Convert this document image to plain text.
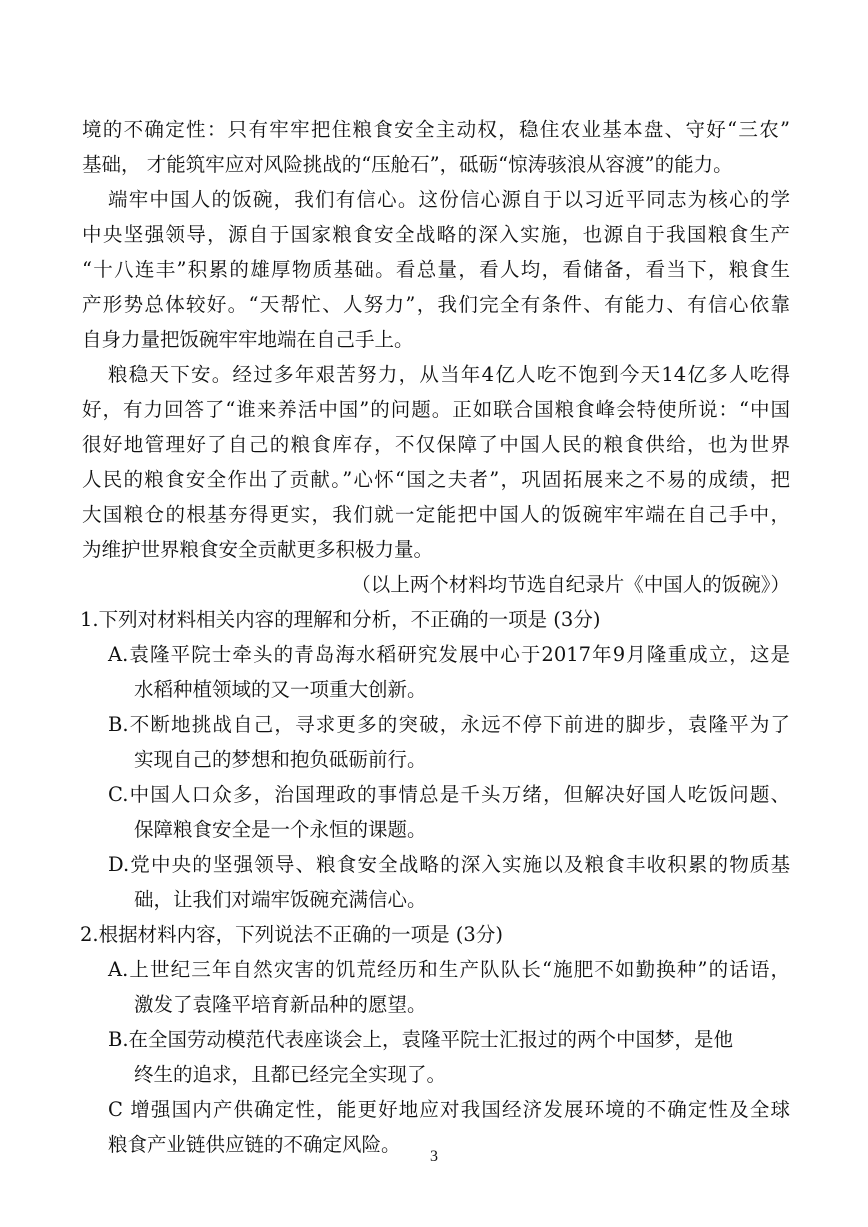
境的不确定性：只有牢牢把住粮食安全主动权，稳住农业基本盘、守好“三农”
基础， 才能筑牢应对风险挑战的“压舱石”，砥砺“惊涛骇浪从容渡”的能力。
端牢中国人的饭碗，我们有信心。这份信心源自于以习近平同志为核心的学
中央坚强领导，源自于国家粮食安全战略的深入实施，也源自于我国粮食生产
“十八连丰”积累的雄厚物质基础。看总量，看人均，看储备，看当下，粮食生
产形势总体较好。“天帮忙、人努力”，我们完全有条件、有能力、有信心依靠
自身力量把饭碗牢牢地端在自己手上。
粮稳天下安。经过多年艰苦努力，从当年4亿人吃不饱到今天14亿多人吃得
好，有力回答了“谁来养活中国”的问题。正如联合国粮食峰会特使所说：“中国
很好地管理好了自己的粮食库存，不仅保障了中国人民的粮食供给，也为世界
人民的粮食安全作出了贡献。”心怀“国之夫者”，巩固拓展来之不易的成绩，把
大国粮仓的根基夯得更实，我们就一定能把中国人的饭碗牢牢端在自己手中，
为维护世界粮食安全贡献更多积极力量。
（以上两个材料均节选自纪录片《中国人的饭碗》）
1.下列对材料相关内容的理解和分析，不正确的一项是 (3分)
A.袁隆平院士牵头的青岛海水稻研究发展中心于2017年9月隆重成立，这是
水稻种植领域的又一项重大创新。
B.不断地挑战自己，寻求更多的突破，永远不停下前进的脚步，袁隆平为了
实现自己的梦想和抱负砥砺前行。
C.中国人口众多，治国理政的事情总是千头万绪，但解决好国人吃饭问题、
保障粮食安全是一个永恒的课题。
D.党中央的坚强领导、粮食安全战略的深入实施以及粮食丰收积累的物质基
础，让我们对端牢饭碗充满信心。
2.根据材料内容，下列说法不正确的一项是 (3分)
A.上世纪三年自然灾害的饥荒经历和生产队队长“施肥不如勤换种”的话语，
激发了袁隆平培育新品种的愿望。
B.在全国劳动模范代表座谈会上，袁隆平院士汇报过的两个中国梦，是他
终生的追求，且都已经完全实现了。
C 增强国内产供确定性，能更好地应对我国经济发展环境的不确定性及全球
粮食产业链供应链的不确定风险。
3
